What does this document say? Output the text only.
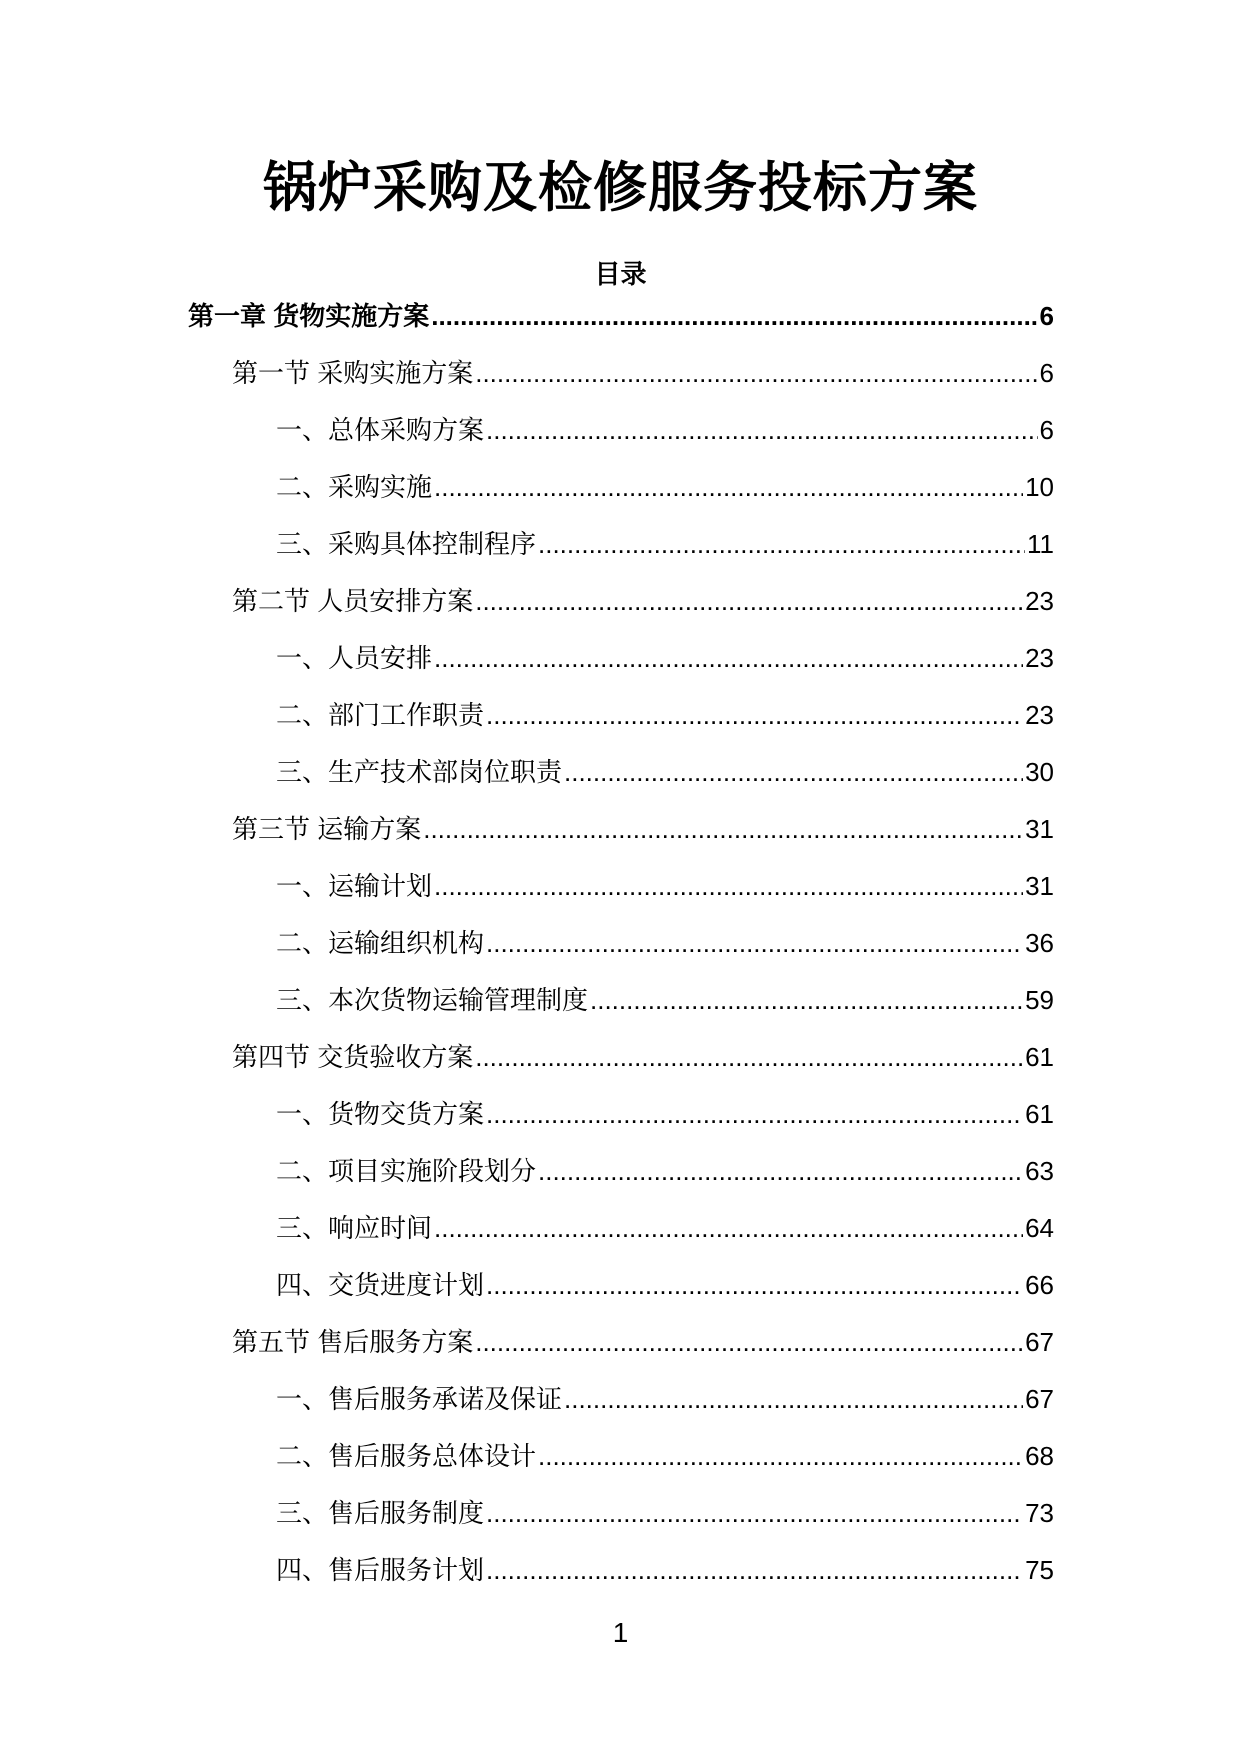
锅炉采购及检修服务投标方案
目录
第一章 货物实施方案 .....	6
第一节 采购实施方案 .....	6
一、总体采购方案 .....	6
二、采购实施 .....	10
三、采购具体控制程序 .....	11
第二节 人员安排方案 .....	23
一、人员安排 .....	23
二、部门工作职责 .....	23
三、生产技术部岗位职责 .....	30
第三节 运输方案 .....	31
一、运输计划 .....	31
二、运输组织机构 .....	36
三、本次货物运输管理制度 .....	59
第四节 交货验收方案 .....	61
一、货物交货方案 .....	61
二、项目实施阶段划分 .....	63
三、响应时间 .....	64
四、交货进度计划 .....	66
第五节 售后服务方案 .....	67
一、售后服务承诺及保证 .....	67
二、售后服务总体设计 .....	68
三、售后服务制度 .....	73
四、售后服务计划 .....	75
1
